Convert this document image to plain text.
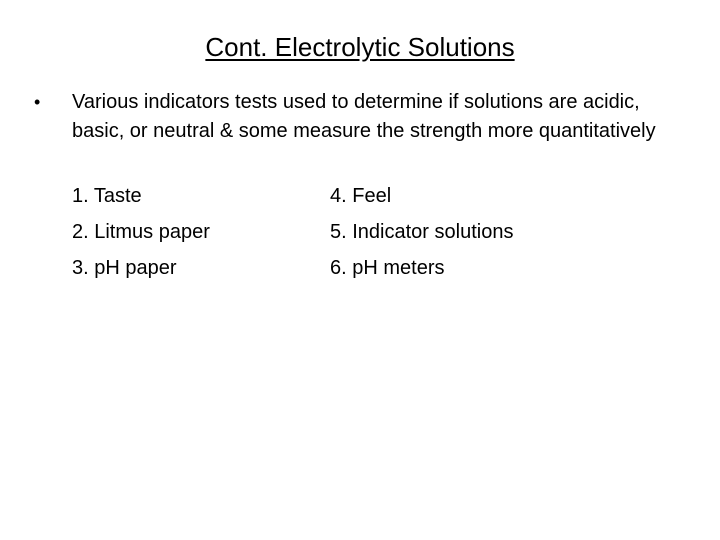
Cont. Electrolytic Solutions
•	Various indicators tests used to determine if solutions are acidic, basic, or neutral & some measure the strength more quantitatively
1. Taste	4. Feel
2. Litmus paper	5. Indicator solutions
3. pH paper	6. pH meters
